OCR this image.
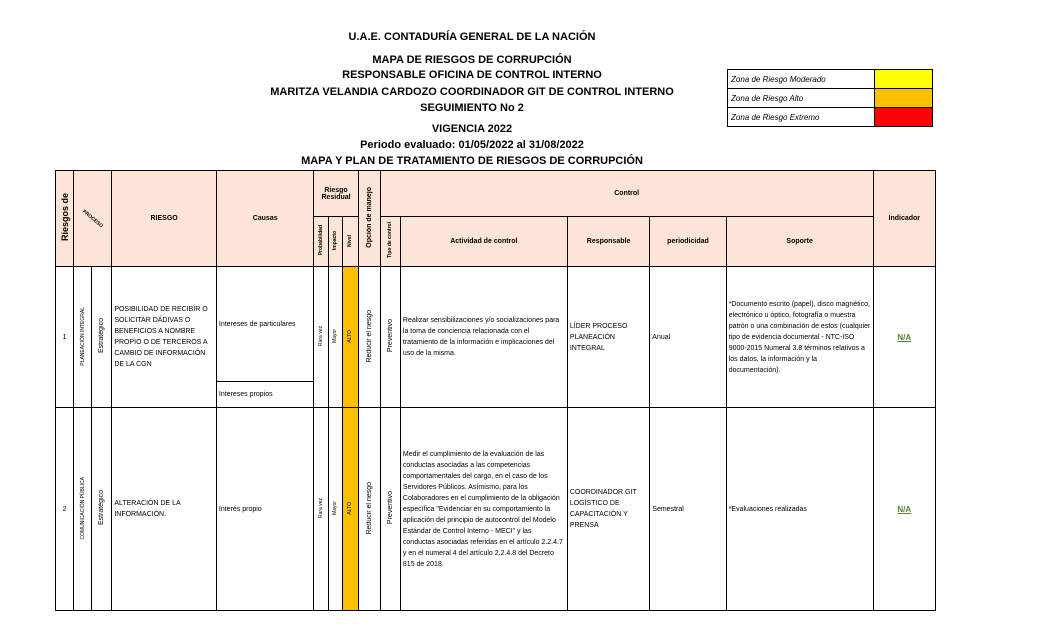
U.A.E. CONTADURÍA GENERAL DE LA NACIÓN
MAPA DE RIESGOS DE CORRUPCIÓN
RESPONSABLE OFICINA DE CONTROL INTERNO
MARITZA VELANDIA CARDOZO COORDINADOR GIT DE CONTROL INTERNO
SEGUIMIENTO No 2
VIGENCIA 2022
Periodo evaluado: 01/05/2022 al 31/08/2022
MAPA Y PLAN DE TRATAMIENTO DE RIESGOS DE CORRUPCIÓN
Zona de Riesgo Moderado	
Zona de Riesgo Alto	
Zona de Riesgo Extremo	
Riesgos de	PROCESO		RIESGO	Causas	Riesgo Residual			Opción de manejo	Control					Indicador
					Probabilidad	Impacto	Nivel		Tipo de control	Actividad de control	Responsable	periodicidad	Soporte	
1	PLANEACIÓN INTEGRAL	Estratégico	POSIBILIDAD DE RECIBIR O SOLICITAR DÁDIVAS O BENEFICIOS A NOMBRE PROPIO O DE TERCEROS A CAMBIO DE INFORMACIÓN DE LA CGN	Intereses de particulares	Rara vez	Mayor	ALTO	Reducir el riesgo	Preventivo	Realizar sensibilizaciones y/o socializaciones para la toma de conciencia relacionada con el tratamiento de la información e implicaciones del uso de la misma.	LÍDER PROCESO PLANEACIÓN INTEGRAL	Anual	*Documento escrito (papel), disco magnético, electrónico u óptico, fotografía o muestra patrón o una combinación de estos (cualquier tipo de evidencia documental - NTC-ISO 9000-2015 Numeral 3.8 términos relativos a los datos, la información y la documentación).	N/A
				Intereses propios										
2	COMUNICACIÓN PÚBLICA	Estratégico	ALTERACIÓN DE LA INFORMACIÓN.	Interés propio	Rara vez	Mayor	ALTO	Reducir el riesgo	Preventivo	Medir el cumplimiento de la evaluación de las conductas asociadas a las competencias comportamentales del cargo, en el caso de los Servidores Públicos. Asímismo, para los Colaboradores en el cumplimiento de la obligación específica "Evidenciar en su comportamiento la aplicación del principio de autocontrol del Modelo Estándar de Control Interno - MECI" y las conductas asociadas referidas en el artículo 2.2.4.7 y en el numeral 4 del artículo 2.2.4.8 del Decreto 815 de 2018.	COORDINADOR GIT LOGÍSTICO DE CAPACITACIÓN Y PRENSA	Semestral	*Evaluaciones realizadas	N/A
